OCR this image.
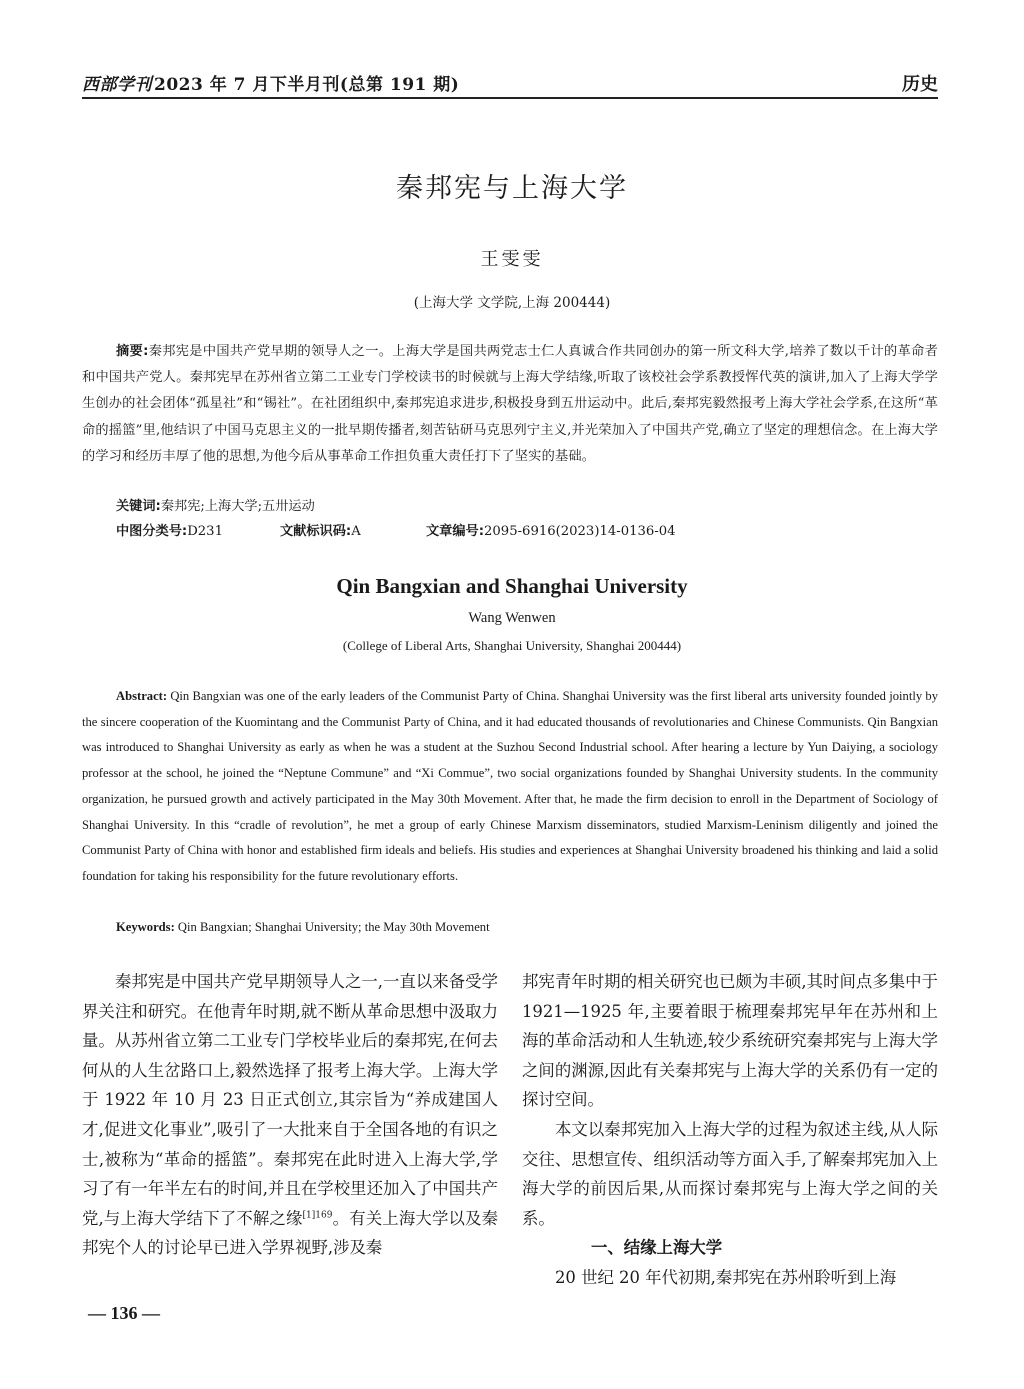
西部学刊 2023 年 7 月下半月刊(总第 191 期)	历史
秦邦宪与上海大学
王雯雯
(上海大学 文学院,上海 200444)
摘要:秦邦宪是中国共产党早期的领导人之一。上海大学是国共两党志士仁人真诚合作共同创办的第一所文科大学,培养了数以千计的革命者和中国共产党人。秦邦宪早在苏州省立第二工业专门学校读书的时候就与上海大学结缘,听取了该校社会学系教授恽代英的演讲,加入了上海大学学生创办的社会团体“孤星社”和“锡社”。在社团组织中,秦邦宪追求进步,积极投身到五卅运动中。此后,秦邦宪毅然报考上海大学社会学系,在这所“革命的摇篮”里,他结识了中国马克思主义的一批早期传播者,刻苦钻研马克思列宁主义,并光荣加入了中国共产党,确立了坚定的理想信念。在上海大学的学习和经历丰厚了他的思想,为他今后从事革命工作担负重大责任打下了坚实的基础。
关键词:秦邦宪;上海大学;五卅运动
中图分类号:D231	文献标识码:A	文章编号:2095-6916(2023)14-0136-04
Qin Bangxian and Shanghai University
Wang Wenwen
(College of Liberal Arts, Shanghai University, Shanghai 200444)
Abstract: Qin Bangxian was one of the early leaders of the Communist Party of China. Shanghai University was the first liberal arts university founded jointly by the sincere cooperation of the Kuomintang and the Communist Party of China, and it had educated thousands of revolutionaries and Chinese Communists. Qin Bangxian was introduced to Shanghai University as early as when he was a student at the Suzhou Second Industrial school. After hearing a lecture by Yun Daiying, a sociology professor at the school, he joined the “Neptune Commune” and “Xi Commue”, two social organizations founded by Shanghai University students. In the community organization, he pursued growth and actively participated in the May 30th Movement. After that, he made the firm decision to enroll in the Department of Sociology of Shanghai University. In this “cradle of revolution”, he met a group of early Chinese Marxism disseminators, studied Marxism-Leninism diligently and joined the Communist Party of China with honor and established firm ideals and beliefs. His studies and experiences at Shanghai University broadened his thinking and laid a solid foundation for taking his responsibility for the future revolutionary efforts.
Keywords: Qin Bangxian; Shanghai University; the May 30th Movement

秦邦宪是中国共产党早期领导人之一,一直以来备受学界关注和研究。在他青年时期,就不断从革命思想中汲取力量。从苏州省立第二工业专门学校毕业后的秦邦宪,在何去何从的人生岔路口上,毅然选择了报考上海大学。上海大学于 1922 年 10 月 23 日正式创立,其宗旨为“养成建国人才,促进文化事业”,吸引了一大批来自于全国各地的有识之士,被称为“革命的摇篮”。秦邦宪在此时进入上海大学,学习了有一年半左右的时间,并且在学校里还加入了中国共产党,与上海大学结下了不解之缘$^{[1]169}$。有关上海大学以及秦邦宪个人的讨论早已进入学界视野,涉及秦

邦宪青年时期的相关研究也已颇为丰硕,其时间点多集中于 1921—1925 年,主要着眼于梳理秦邦宪早年在苏州和上海的革命活动和人生轨迹,较少系统研究秦邦宪与上海大学之间的渊源,因此有关秦邦宪与上海大学的关系仍有一定的探讨空间。

本文以秦邦宪加入上海大学的过程为叙述主线,从人际交往、思想宣传、组织活动等方面入手,了解秦邦宪加入上海大学的前因后果,从而探讨秦邦宪与上海大学之间的关系。

一、结缘上海大学

20 世纪 20 年代初期,秦邦宪在苏州聆听到上海

— 136 —
